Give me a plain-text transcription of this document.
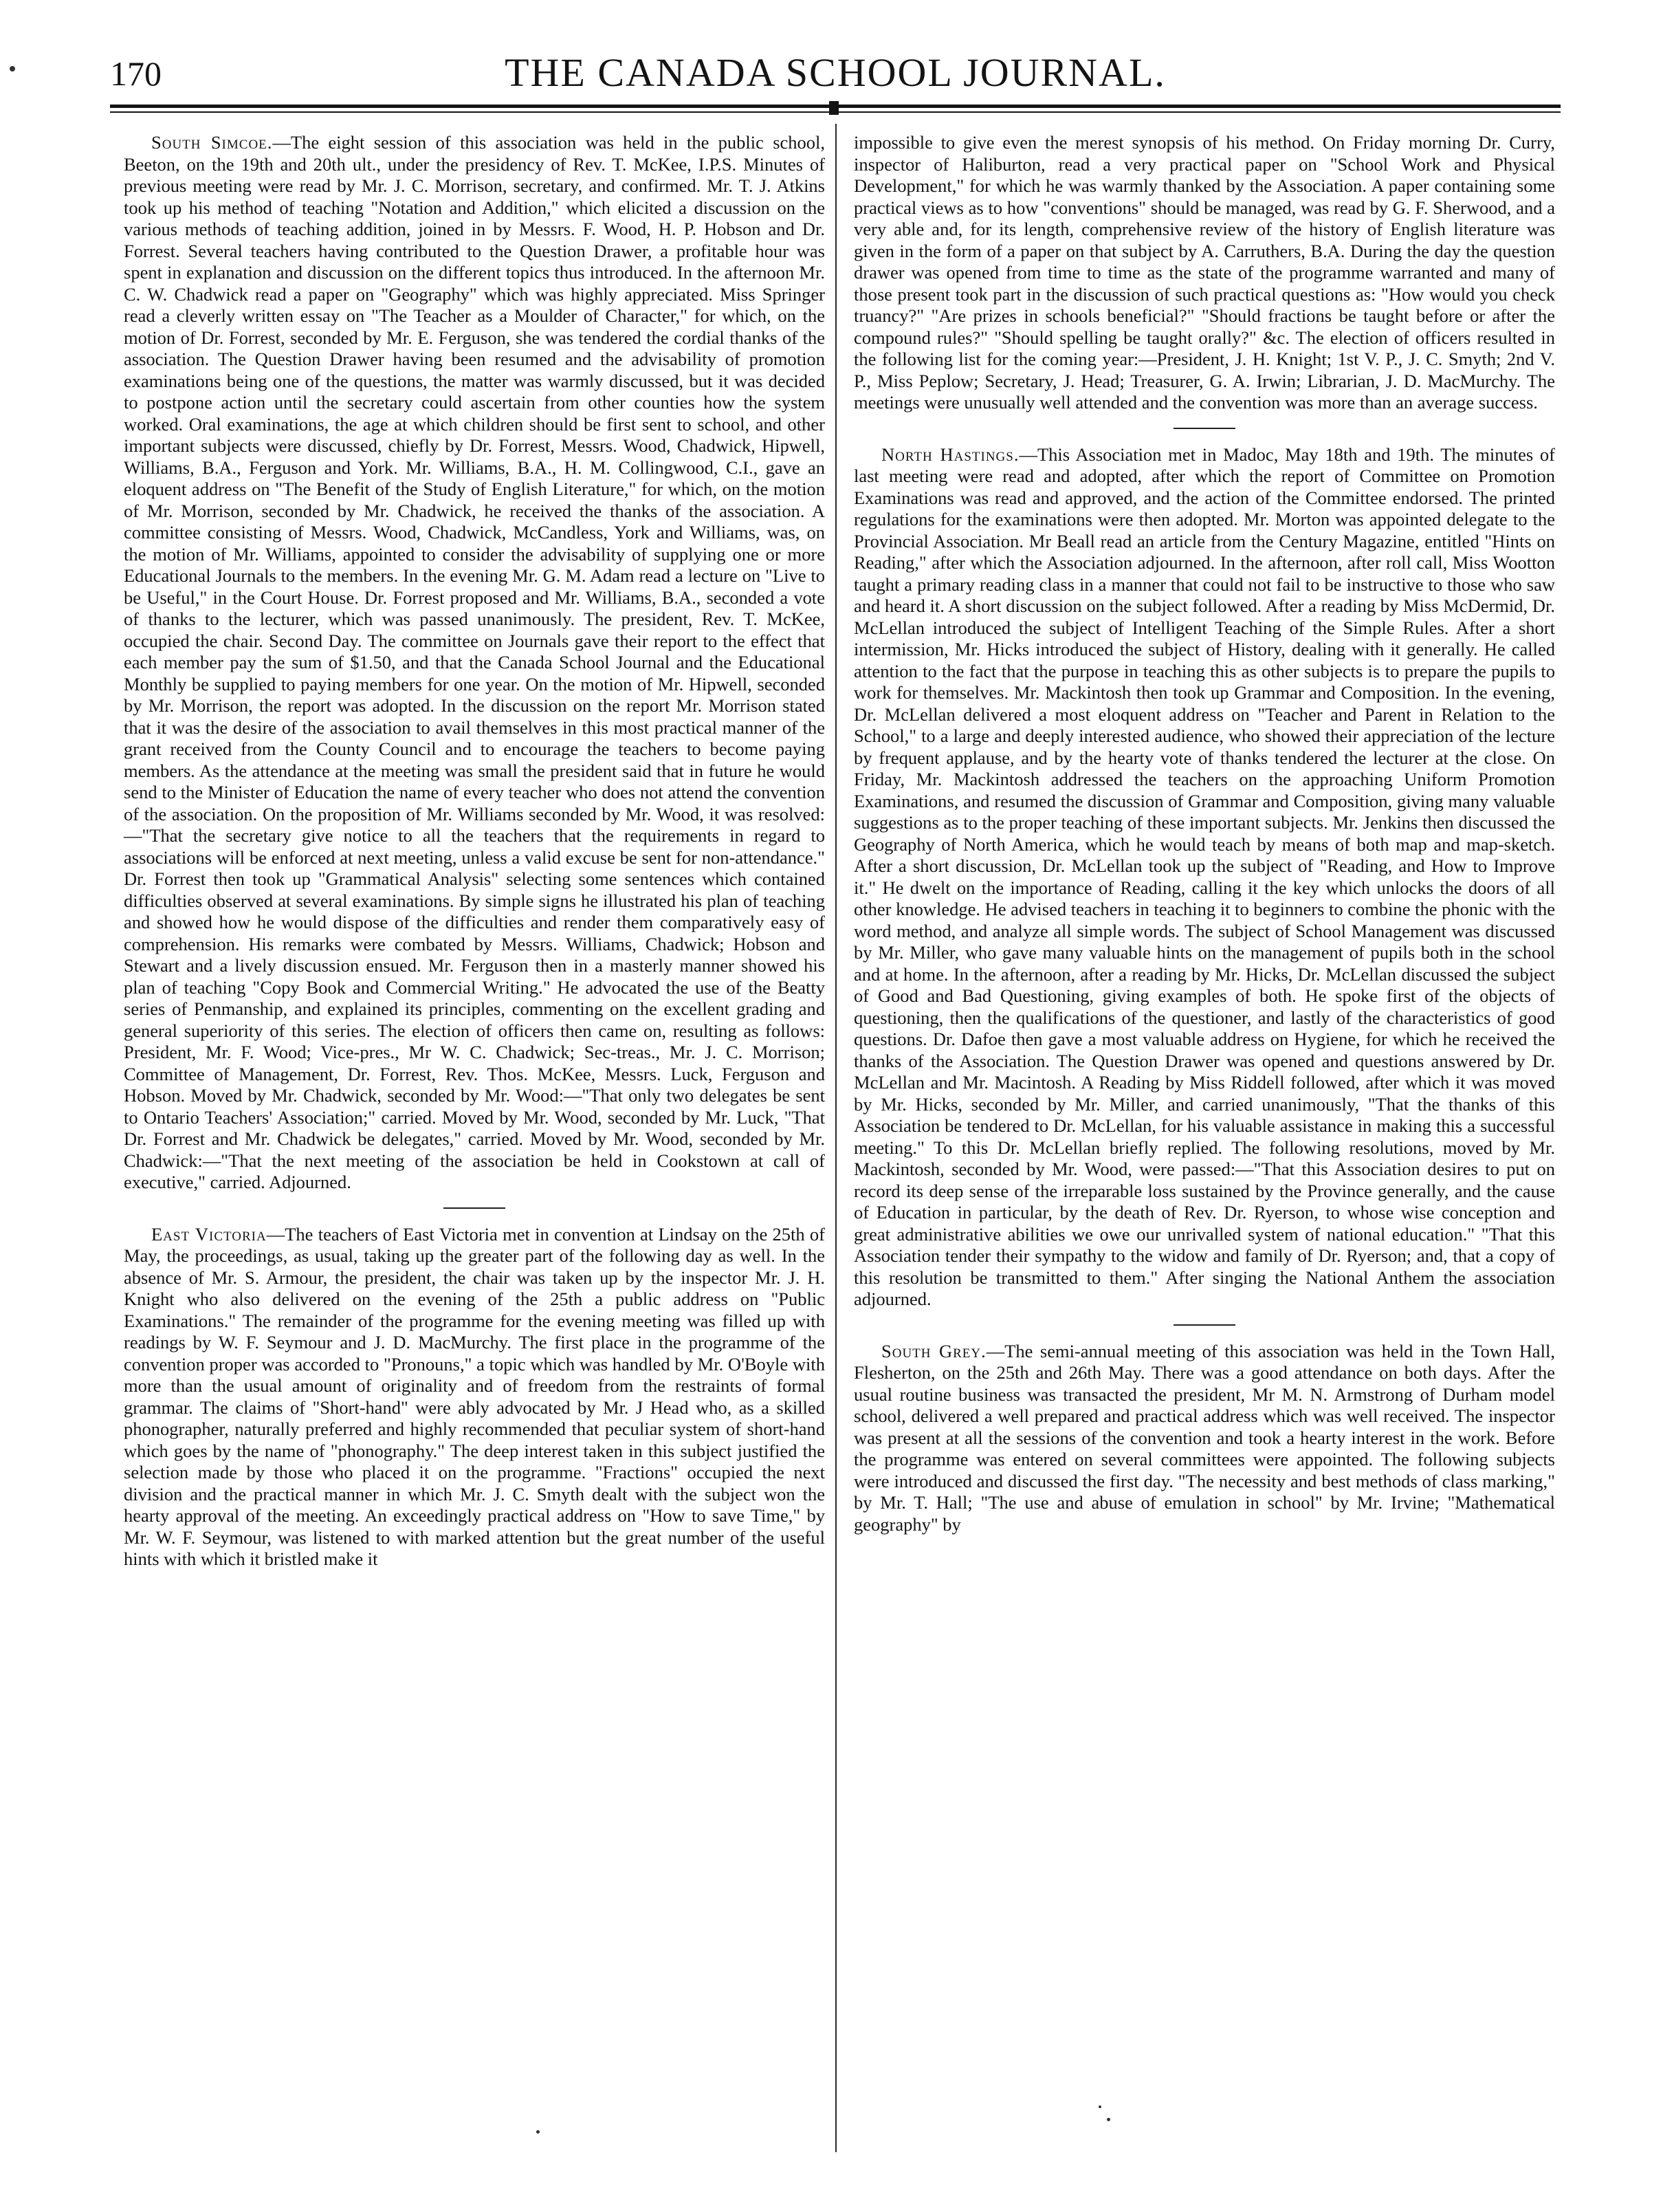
170	THE CANADA SCHOOL JOURNAL.

South Simcoe.—The eight session of this association was held in the public school, Beeton, on the 19th and 20th ult., under the presidency of Rev. T. McKee, I.P.S. Minutes of previous meeting were read by Mr. J. C. Morrison, secretary, and confirmed. Mr. T. J. Atkins took up his method of teaching "Notation and Addition," which elicited a discussion on the various methods of teaching addition, joined in by Messrs. F. Wood, H. P. Hobson and Dr. Forrest. Several teachers having contributed to the Question Drawer, a profitable hour was spent in explanation and discussion on the different topics thus introduced. In the afternoon Mr. C. W. Chadwick read a paper on "Geography" which was highly appreciated. Miss Springer read a cleverly written essay on "The Teacher as a Moulder of Character," for which, on the motion of Dr. Forrest, seconded by Mr. E. Ferguson, she was tendered the cordial thanks of the association. The Question Drawer having been resumed and the advisability of promotion examinations being one of the questions, the matter was warmly discussed, but it was decided to postpone action until the secretary could ascertain from other counties how the system worked. Oral examinations, the age at which children should be first sent to school, and other important subjects were discussed, chiefly by Dr. Forrest, Messrs. Wood, Chadwick, Hipwell, Williams, B.A., Ferguson and York. Mr. Williams, B.A., H. M. Collingwood, C.I., gave an eloquent address on "The Benefit of the Study of English Literature," for which, on the motion of Mr. Morrison, seconded by Mr. Chadwick, he received the thanks of the association. A committee consisting of Messrs. Wood, Chadwick, McCandless, York and Williams, was, on the motion of Mr. Williams, appointed to consider the advisability of supplying one or more Educational Journals to the members. In the evening Mr. G. M. Adam read a lecture on "Live to be Useful," in the Court House. Dr. Forrest proposed and Mr. Williams, B.A., seconded a vote of thanks to the lecturer, which was passed unanimously. The president, Rev. T. McKee, occupied the chair. Second Day. The committee on Journals gave their report to the effect that each member pay the sum of $1.50, and that the Canada School Journal and the Educational Monthly be supplied to paying members for one year. On the motion of Mr. Hipwell, seconded by Mr. Morrison, the report was adopted. In the discussion on the report Mr. Morrison stated that it was the desire of the association to avail themselves in this most practical manner of the grant received from the County Council and to encourage the teachers to become paying members. As the attendance at the meeting was small the president said that in future he would send to the Minister of Education the name of every teacher who does not attend the convention of the association. On the proposition of Mr. Williams seconded by Mr. Wood, it was resolved:—"That the secretary give notice to all the teachers that the requirements in regard to associations will be enforced at next meeting, unless a valid excuse be sent for non-attendance." Dr. Forrest then took up "Grammatical Analysis" selecting some sentences which contained difficulties observed at several examinations. By simple signs he illustrated his plan of teaching and showed how he would dispose of the difficulties and render them comparatively easy of comprehension. His remarks were combated by Messrs. Williams, Chadwick; Hobson and Stewart and a lively discussion ensued. Mr. Ferguson then in a masterly manner showed his plan of teaching "Copy Book and Commercial Writing." He advocated the use of the Beatty series of Penmanship, and explained its principles, commenting on the excellent grading and general superiority of this series. The election of officers then came on, resulting as follows: President, Mr. F. Wood; Vice-pres., Mr W. C. Chadwick; Sec-treas., Mr. J. C. Morrison; Committee of Management, Dr. Forrest, Rev. Thos. McKee, Messrs. Luck, Ferguson and Hobson. Moved by Mr. Chadwick, seconded by Mr. Wood:—"That only two delegates be sent to Ontario Teachers' Association;" carried. Moved by Mr. Wood, seconded by Mr. Luck, "That Dr. Forrest and Mr. Chadwick be delegates," carried. Moved by Mr. Wood, seconded by Mr. Chadwick:—"That the next meeting of the association be held in Cookstown at call of executive," carried. Adjourned.

East Victoria—The teachers of East Victoria met in convention at Lindsay on the 25th of May, the proceedings, as usual, taking up the greater part of the following day as well. In the absence of Mr. S. Armour, the president, the chair was taken up by the inspector Mr. J. H. Knight who also delivered on the evening of the 25th a public address on "Public Examinations." The remainder of the programme for the evening meeting was filled up with readings by W. F. Seymour and J. D. MacMurchy. The first place in the programme of the convention proper was accorded to "Pronouns," a topic which was handled by Mr. O'Boyle with more than the usual amount of originality and of freedom from the restraints of formal grammar. The claims of "Short-hand" were ably advocated by Mr. J Head who, as a skilled phonographer, naturally preferred and highly recommended that peculiar system of short-hand which goes by the name of "phonography." The deep interest taken in this subject justified the selection made by those who placed it on the programme. "Fractions" occupied the next division and the practical manner in which Mr. J. C. Smyth dealt with the subject won the hearty approval of the meeting. An exceedingly practical address on "How to save Time," by Mr. W. F. Seymour, was listened to with marked attention but the great number of the useful hints with which it bristled make it

impossible to give even the merest synopsis of his method. On Friday morning Dr. Curry, inspector of Haliburton, read a very practical paper on "School Work and Physical Development," for which he was warmly thanked by the Association. A paper containing some practical views as to how "conventions" should be managed, was read by G. F. Sherwood, and a very able and, for its length, comprehensive review of the history of English literature was given in the form of a paper on that subject by A. Carruthers, B.A. During the day the question drawer was opened from time to time as the state of the programme warranted and many of those present took part in the discussion of such practical questions as: "How would you check truancy?" "Are prizes in schools beneficial?" "Should fractions be taught before or after the compound rules?" "Should spelling be taught orally?" &c. The election of officers resulted in the following list for the coming year:—President, J. H. Knight; 1st V. P., J. C. Smyth; 2nd V. P., Miss Peplow; Secretary, J. Head; Treasurer, G. A. Irwin; Librarian, J. D. MacMurchy. The meetings were unusually well attended and the convention was more than an average success.

North Hastings.—This Association met in Madoc, May 18th and 19th. The minutes of last meeting were read and adopted, after which the report of Committee on Promotion Examinations was read and approved, and the action of the Committee endorsed. The printed regulations for the examinations were then adopted. Mr. Morton was appointed delegate to the Provincial Association. Mr Beall read an article from the Century Magazine, entitled "Hints on Reading," after which the Association adjourned. In the afternoon, after roll call, Miss Wootton taught a primary reading class in a manner that could not fail to be instructive to those who saw and heard it. A short discussion on the subject followed. After a reading by Miss McDermid, Dr. McLellan introduced the subject of Intelligent Teaching of the Simple Rules. After a short intermission, Mr. Hicks introduced the subject of History, dealing with it generally. He called attention to the fact that the purpose in teaching this as other subjects is to prepare the pupils to work for themselves. Mr. Mackintosh then took up Grammar and Composition. In the evening, Dr. McLellan delivered a most eloquent address on "Teacher and Parent in Relation to the School," to a large and deeply interested audience, who showed their appreciation of the lecture by frequent applause, and by the hearty vote of thanks tendered the lecturer at the close. On Friday, Mr. Mackintosh addressed the teachers on the approaching Uniform Promotion Examinations, and resumed the discussion of Grammar and Composition, giving many valuable suggestions as to the proper teaching of these important subjects. Mr. Jenkins then discussed the Geography of North America, which he would teach by means of both map and map-sketch. After a short discussion, Dr. McLellan took up the subject of "Reading, and How to Improve it." He dwelt on the importance of Reading, calling it the key which unlocks the doors of all other knowledge. He advised teachers in teaching it to beginners to combine the phonic with the word method, and analyze all simple words. The subject of School Management was discussed by Mr. Miller, who gave many valuable hints on the management of pupils both in the school and at home. In the afternoon, after a reading by Mr. Hicks, Dr. McLellan discussed the subject of Good and Bad Questioning, giving examples of both. He spoke first of the objects of questioning, then the qualifications of the questioner, and lastly of the characteristics of good questions. Dr. Dafoe then gave a most valuable address on Hygiene, for which he received the thanks of the Association. The Question Drawer was opened and questions answered by Dr. McLellan and Mr. Macintosh. A Reading by Miss Riddell followed, after which it was moved by Mr. Hicks, seconded by Mr. Miller, and carried unanimously, "That the thanks of this Association be tendered to Dr. McLellan, for his valuable assistance in making this a successful meeting." To this Dr. McLellan briefly replied. The following resolutions, moved by Mr. Mackintosh, seconded by Mr. Wood, were passed:—"That this Association desires to put on record its deep sense of the irreparable loss sustained by the Province generally, and the cause of Education in particular, by the death of Rev. Dr. Ryerson, to whose wise conception and great administrative abilities we owe our unrivalled system of national education." "That this Association tender their sympathy to the widow and family of Dr. Ryerson; and, that a copy of this resolution be transmitted to them." After singing the National Anthem the association adjourned.

South Grey.—The semi-annual meeting of this association was held in the Town Hall, Flesherton, on the 25th and 26th May. There was a good attendance on both days. After the usual routine business was transacted the president, Mr M. N. Armstrong of Durham model school, delivered a well prepared and practical address which was well received. The inspector was present at all the sessions of the convention and took a hearty interest in the work. Before the programme was entered on several committees were appointed. The following subjects were introduced and discussed the first day. "The necessity and best methods of class marking," by Mr. T. Hall; "The use and abuse of emulation in school" by Mr. Irvine; "Mathematical geography" by
